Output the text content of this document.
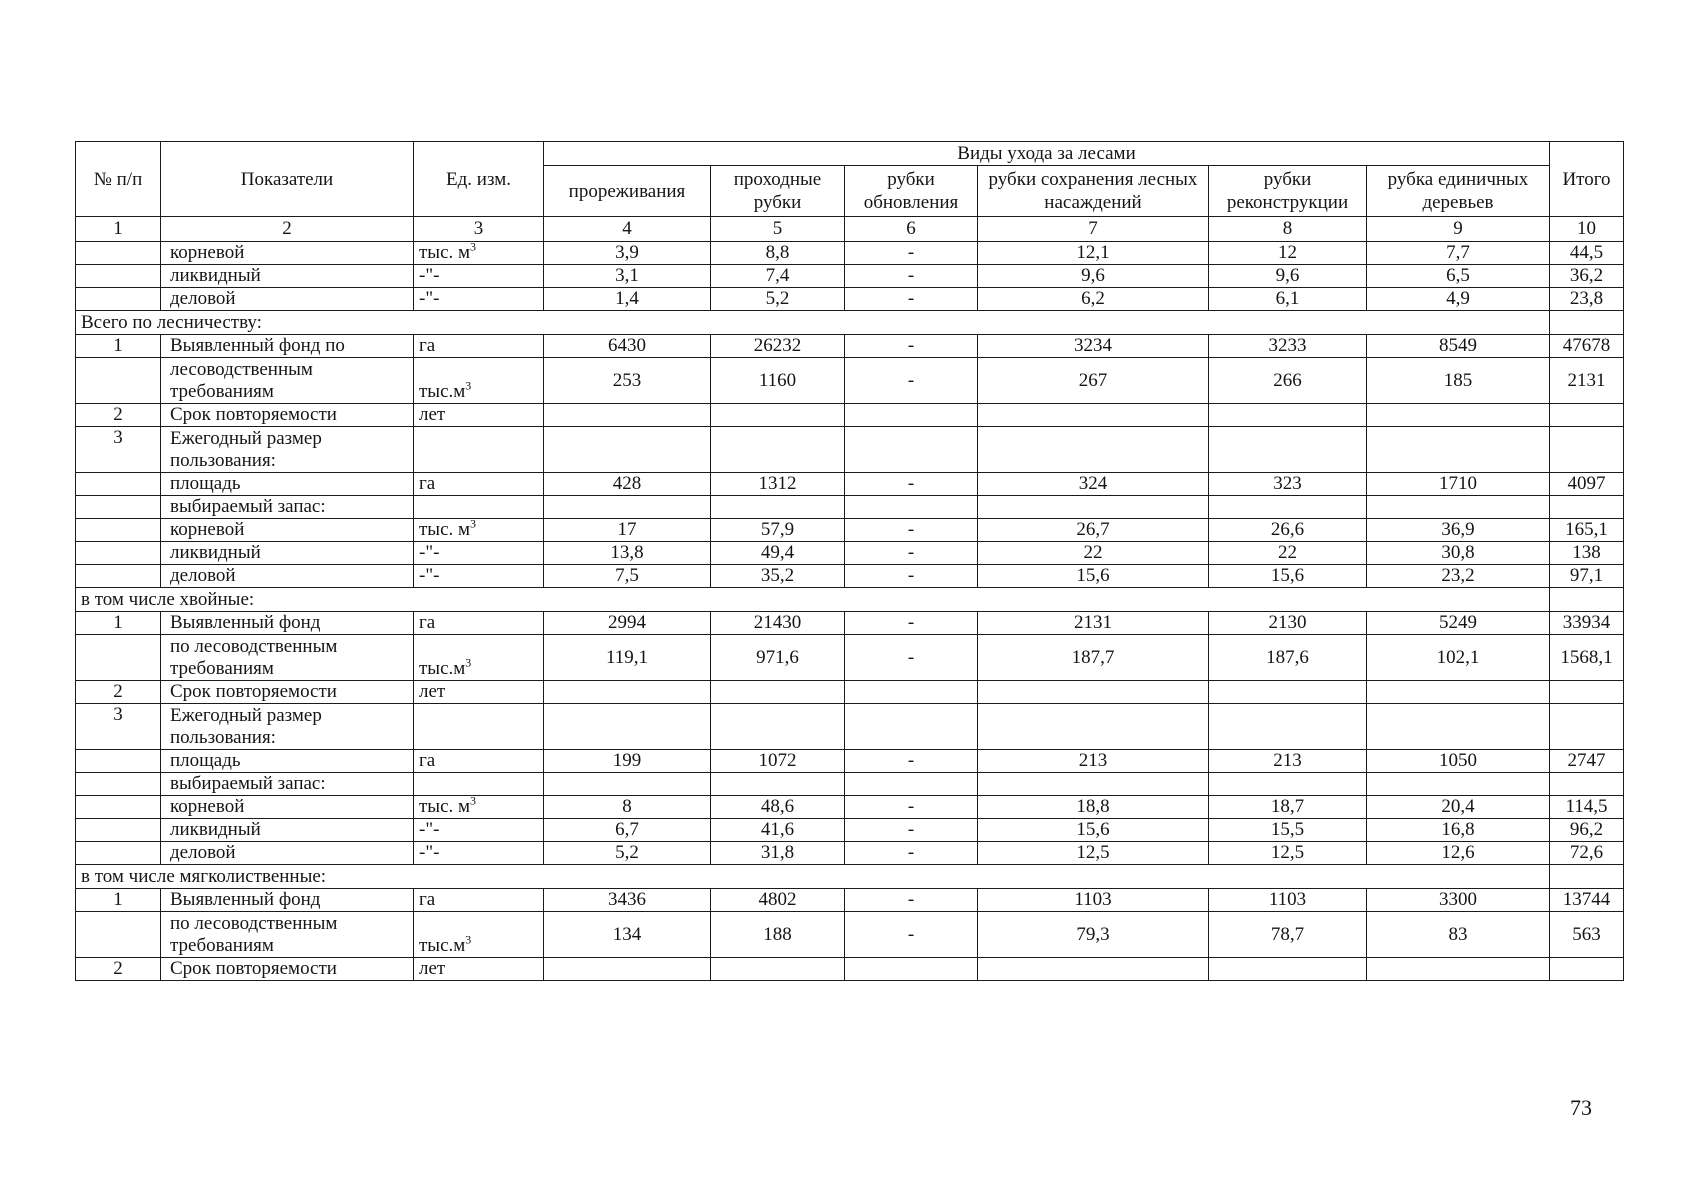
№ п/п	Показатели	Ед. изм.	Виды ухода за лесами						Итого
			прореживания	проходные рубки	рубки обновления	рубки сохранения лесных насаждений	рубки реконструкции	рубка единичных деревьев	
1	2	3	4	5	6	7	8	9	10
	корневой	тыс. $м^3$	3,9	8,8	-	12,1	12	7,7	44,5
	ликвидный	-"-	3,1	7,4	-	9,6	9,6	6,5	36,2
	деловой	-"-	1,4	5,2	-	6,2	6,1	4,9	23,8
Всего по лесничеству:									
1	Выявленный фонд по	га	6430	26232	-	3234	3233	8549	47678
	лесоводственным требованиям	$тыс.м^3$	253	1160	-	267	266	185	2131
2	Срок повторяемости	лет							
3	Ежегодный размер пользования:								
	площадь	га	428	1312	-	324	323	1710	4097
	выбираемый запас:								
	корневой	тыс. $м^3$	17	57,9	-	26,7	26,6	36,9	165,1
	ликвидный	-"-	13,8	49,4	-	22	22	30,8	138
	деловой	-"-	7,5	35,2	-	15,6	15,6	23,2	97,1
в том числе хвойные:									
1	Выявленный фонд	га	2994	21430	-	2131	2130	5249	33934
	по лесоводственным требованиям	$тыс.м^3$	119,1	971,6	-	187,7	187,6	102,1	1568,1
2	Срок повторяемости	лет							
3	Ежегодный размер пользования:								
	площадь	га	199	1072	-	213	213	1050	2747
	выбираемый запас:								
	корневой	тыс. $м^3$	8	48,6	-	18,8	18,7	20,4	114,5
	ликвидный	-"-	6,7	41,6	-	15,6	15,5	16,8	96,2
	деловой	-"-	5,2	31,8	-	12,5	12,5	12,6	72,6
в том числе мягколиственные:									
1	Выявленный фонд	га	3436	4802	-	1103	1103	3300	13744
	по лесоводственным требованиям	$тыс.м^3$	134	188	-	79,3	78,7	83	563
2	Срок повторяемости	лет							
73
